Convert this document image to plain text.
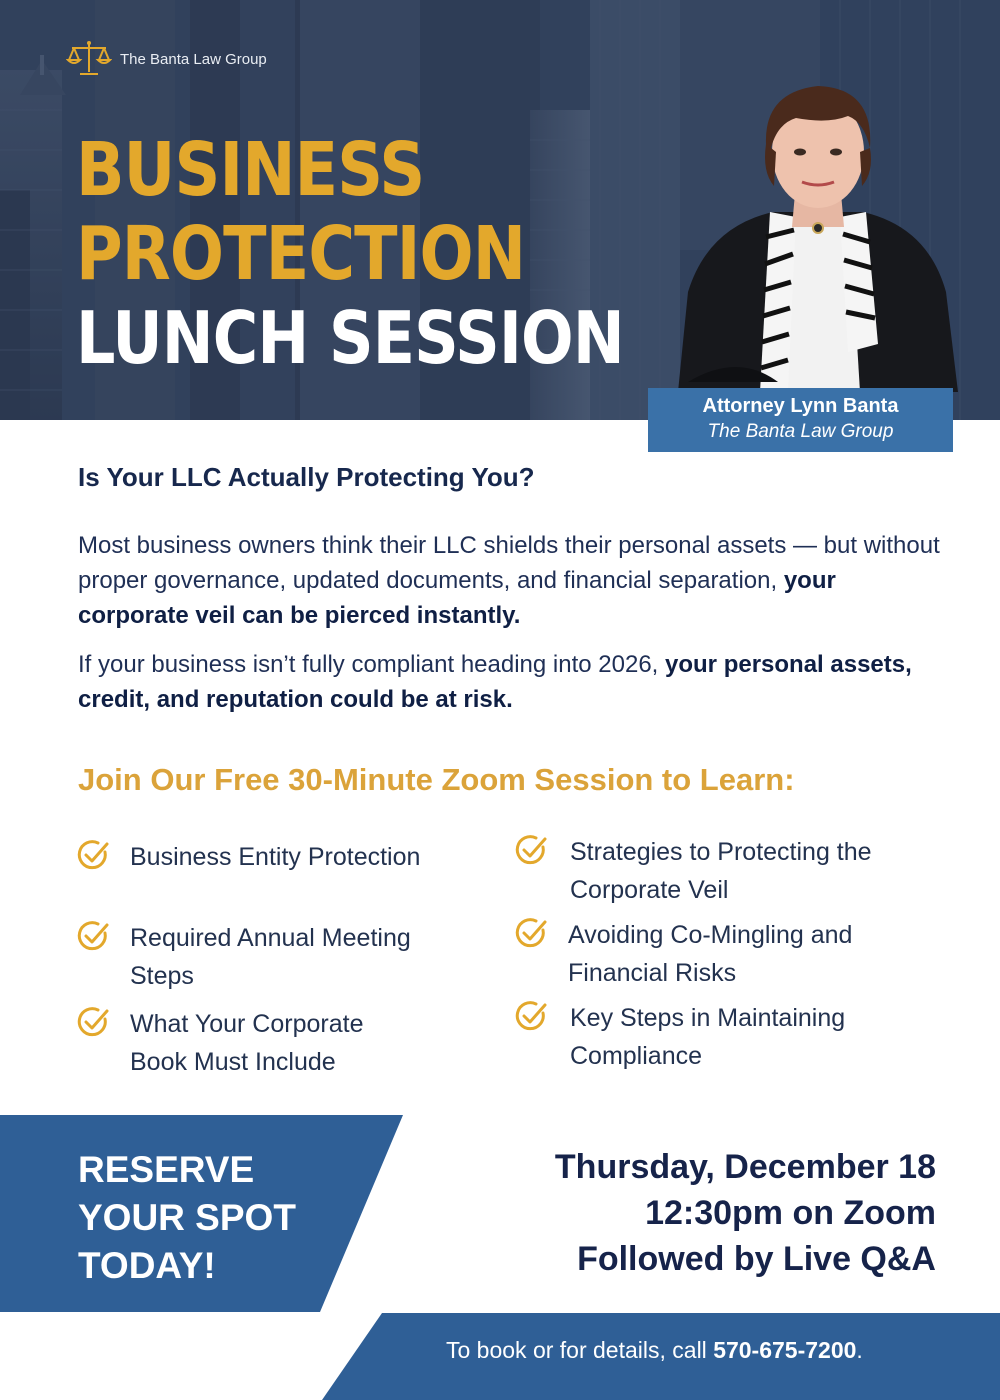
The Banta Law Group
BUSINESS
PROTECTION
LUNCH SESSION
Attorney Lynn Banta
The Banta Law Group
Is Your LLC Actually Protecting You?

Most business owners think their LLC shields their personal assets — but without proper governance, updated documents, and financial separation, your corporate veil can be pierced instantly.

If your business isn’t fully compliant heading into 2026, your personal assets, credit, and reputation could be at risk.

Join Our Free 30-Minute Zoom Session to Learn:
Business Entity Protection
Required Annual Meeting Steps
What Your Corporate Book Must Include
Strategies to Protecting the Corporate Veil
Avoiding Co-Mingling and Financial Risks
Key Steps in Maintaining Compliance
RESERVE
YOUR SPOT
TODAY!
Thursday, December 18
12:30pm on Zoom
Followed by Live Q&A
To book or for details, call 570-675-7200.
